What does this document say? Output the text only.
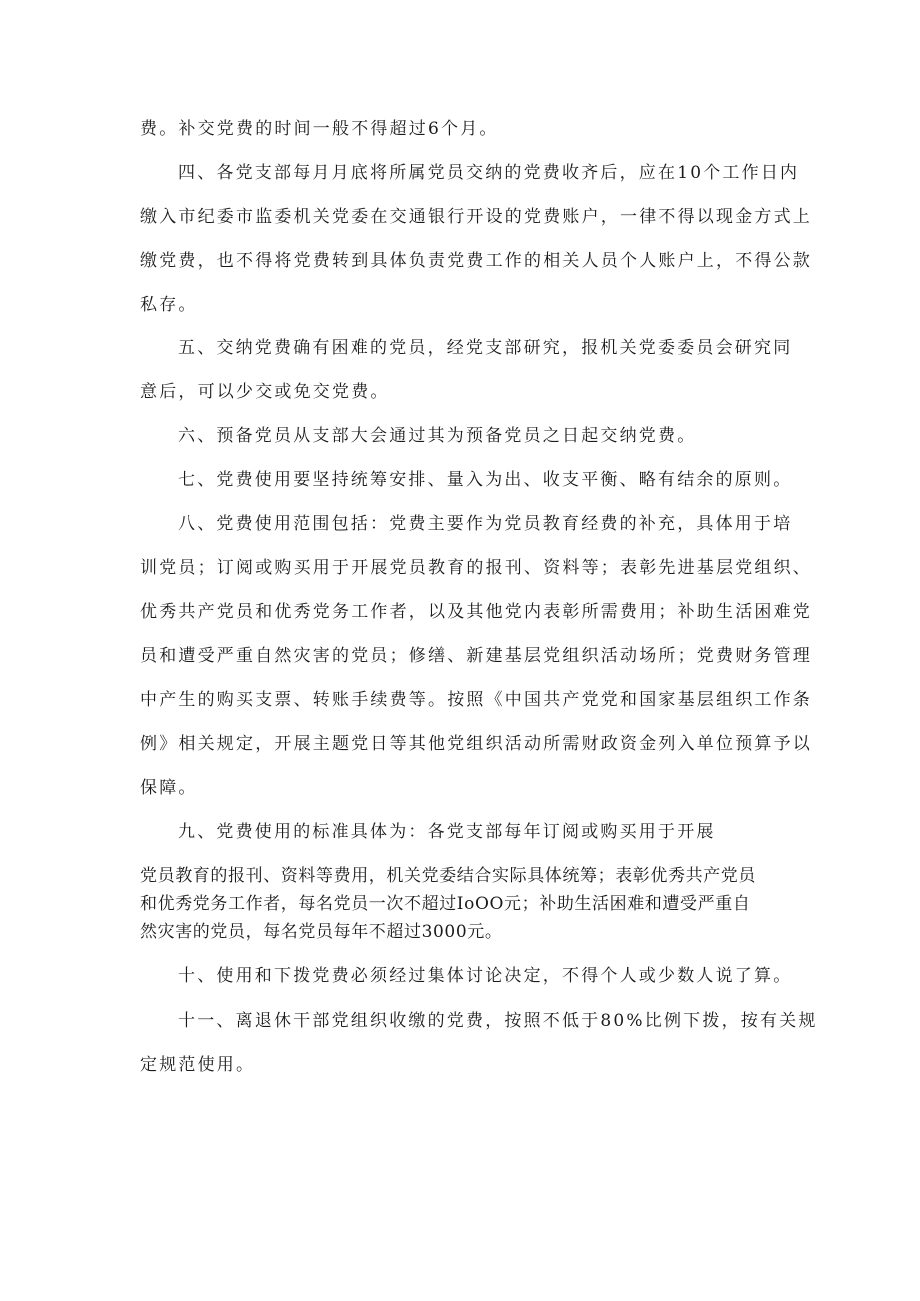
费。补交党费的时间一般不得超过6个月。
四、各党支部每月月底将所属党员交纳的党费收齐后，应在10个工作日内
缴入市纪委市监委机关党委在交通银行开设的党费账户，一律不得以现金方式上
缴党费，也不得将党费转到具体负责党费工作的相关人员个人账户上，不得公款
私存。
五、交纳党费确有困难的党员，经党支部研究，报机关党委委员会研究同
意后，可以少交或免交党费。
六、预备党员从支部大会通过其为预备党员之日起交纳党费。
七、党费使用要坚持统筹安排、量入为出、收支平衡、略有结余的原则。
八、党费使用范围包括：党费主要作为党员教育经费的补充，具体用于培
训党员；订阅或购买用于开展党员教育的报刊、资料等；表彰先进基层党组织、
优秀共产党员和优秀党务工作者，以及其他党内表彰所需费用；补助生活困难党
员和遭受严重自然灾害的党员；修缮、新建基层党组织活动场所；党费财务管理
中产生的购买支票、转账手续费等。按照《中国共产党党和国家基层组织工作条
例》相关规定，开展主题党日等其他党组织活动所需财政资金列入单位预算予以
保障。
九、党费使用的标准具体为：各党支部每年订阅或购买用于开展
党员教育的报刊、资料等费用，机关党委结合实际具体统筹；表彰优秀共产党员
和优秀党务工作者，每名党员一次不超过IoOO元；补助生活困难和遭受严重自
然灾害的党员，每名党员每年不超过3000元。
十、使用和下拨党费必须经过集体讨论决定，不得个人或少数人说了算。
十一、离退休干部党组织收缴的党费，按照不低于80%比例下拨，按有关规
定规范使用。
